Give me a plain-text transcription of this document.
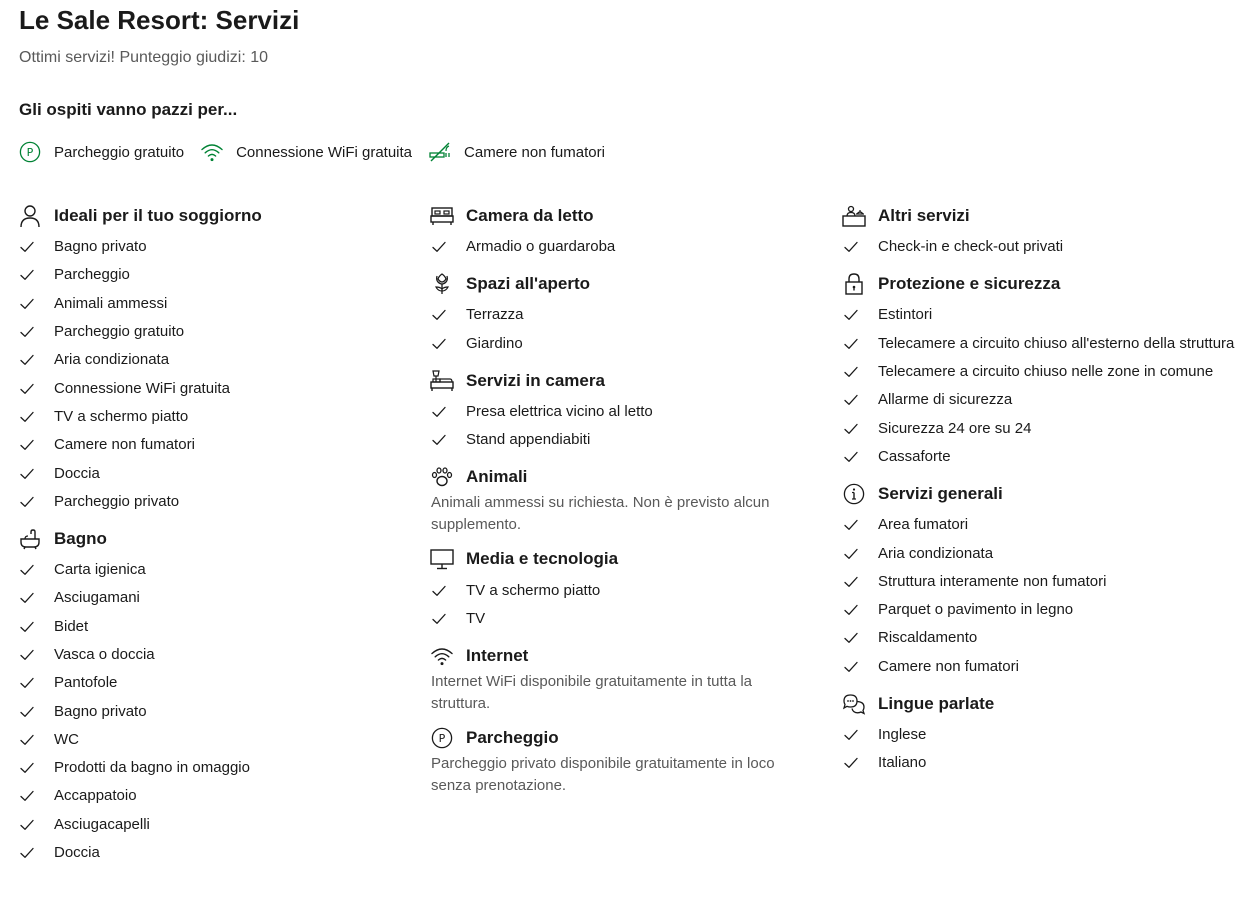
Le Sale Resort: Servizi
Ottimi servizi! Punteggio giudizi: 10
Gli ospiti vanno pazzi per...
P Parcheggio gratuito	Connessione WiFi gratuita	Camere non fumatori
Ideali per il tuo soggiorno
Bagno privato
Parcheggio
Animali ammessi
Parcheggio gratuito
Aria condizionata
Connessione WiFi gratuita
TV a schermo piatto
Camere non fumatori
Doccia
Parcheggio privato
Bagno
Carta igienica
Asciugamani
Bidet
Vasca o doccia
Pantofole
Bagno privato
WC
Prodotti da bagno in omaggio
Accappatoio
Asciugacapelli
Doccia
Camera da letto
Armadio o guardaroba
Spazi all'aperto
Terrazza
Giardino
Servizi in camera
Presa elettrica vicino al letto
Stand appendiabiti
Animali
Animali ammessi su richiesta. Non è previsto alcun supplemento.
Media e tecnologia
TV a schermo piatto
TV
Internet
Internet WiFi disponibile gratuitamente in tutta la struttura.
P Parcheggio
Parcheggio privato disponibile gratuitamente in loco senza prenotazione.
Altri servizi
Check-in e check-out privati
Protezione e sicurezza
Estintori
Telecamere a circuito chiuso all'esterno della struttura
Telecamere a circuito chiuso nelle zone in comune
Allarme di sicurezza
Sicurezza 24 ore su 24
Cassaforte
Servizi generali
Area fumatori
Aria condizionata
Struttura interamente non fumatori
Parquet o pavimento in legno
Riscaldamento
Camere non fumatori
Lingue parlate
Inglese
Italiano
